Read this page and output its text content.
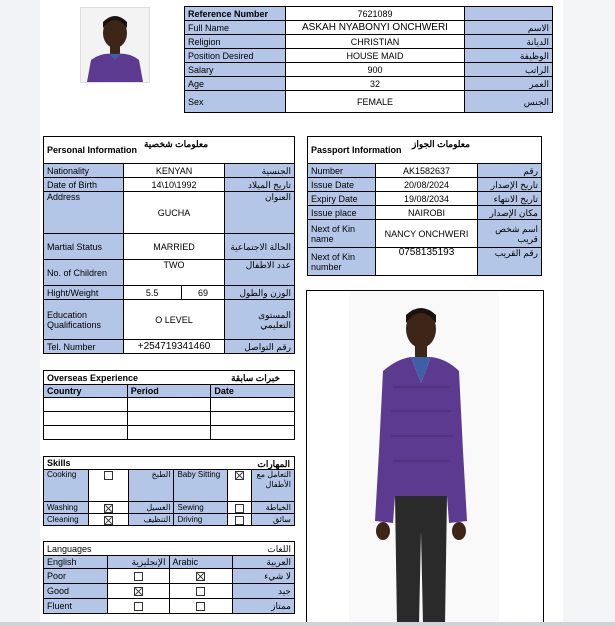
Reference Number	7621089	
Full Name	ASKAH NYABONYI ONCHWERI	الاسم
Religion	CHRISTIAN	الديانة
Position Desired	HOUSE MAID	الوظيفة
Salary	900	الراتب
Age	32	العمر
Sex	FEMALE	الجنس
Personal Information
معلومات شخصية			

Nationality	KENYAN		الجنسية
Date of Birth	14\10\1992		تاريخ الميلاد
Address	GUCHA		العنوان
Martial Status	MARRIED		الحالة الاجتماعية
No. of Children	TWO		عدد الاطفال
Hight/Weight	5.5	69	الوزن والطول
Education Qualifications	O LEVEL		المستوى التعليمي
Tel. Number	+254719341460		رقم التواصل
Passport Information
معلومات الجواز		

Number	AK1582637	رقم
Issue Date	20/08/2024	تاريخ الإصدار
Expiry Date	19/08/2034	تاريخ الانتهاء
Issue place	NAIROBI	مكان الإصدار
Next of Kin name	NANCY ONCHWERI	اسم شخص قريب
Next of Kin number	0758135193	رقم القريب
Overseas Experience خبرات سابقة		

Country	Period	Date

Skills المهارات					

Cooking		الطبخ	Baby Sitting		التعامل مع الأطفال
Washing		الغسيل	Sewing		الخياطة
Cleaning		التنظيف	Driving		سائق
Languages		اللغات	
English	الإنجليزية	Arabic	العربية
Poor			لا شيء
Good			جيد
Fluent			ممتاز
